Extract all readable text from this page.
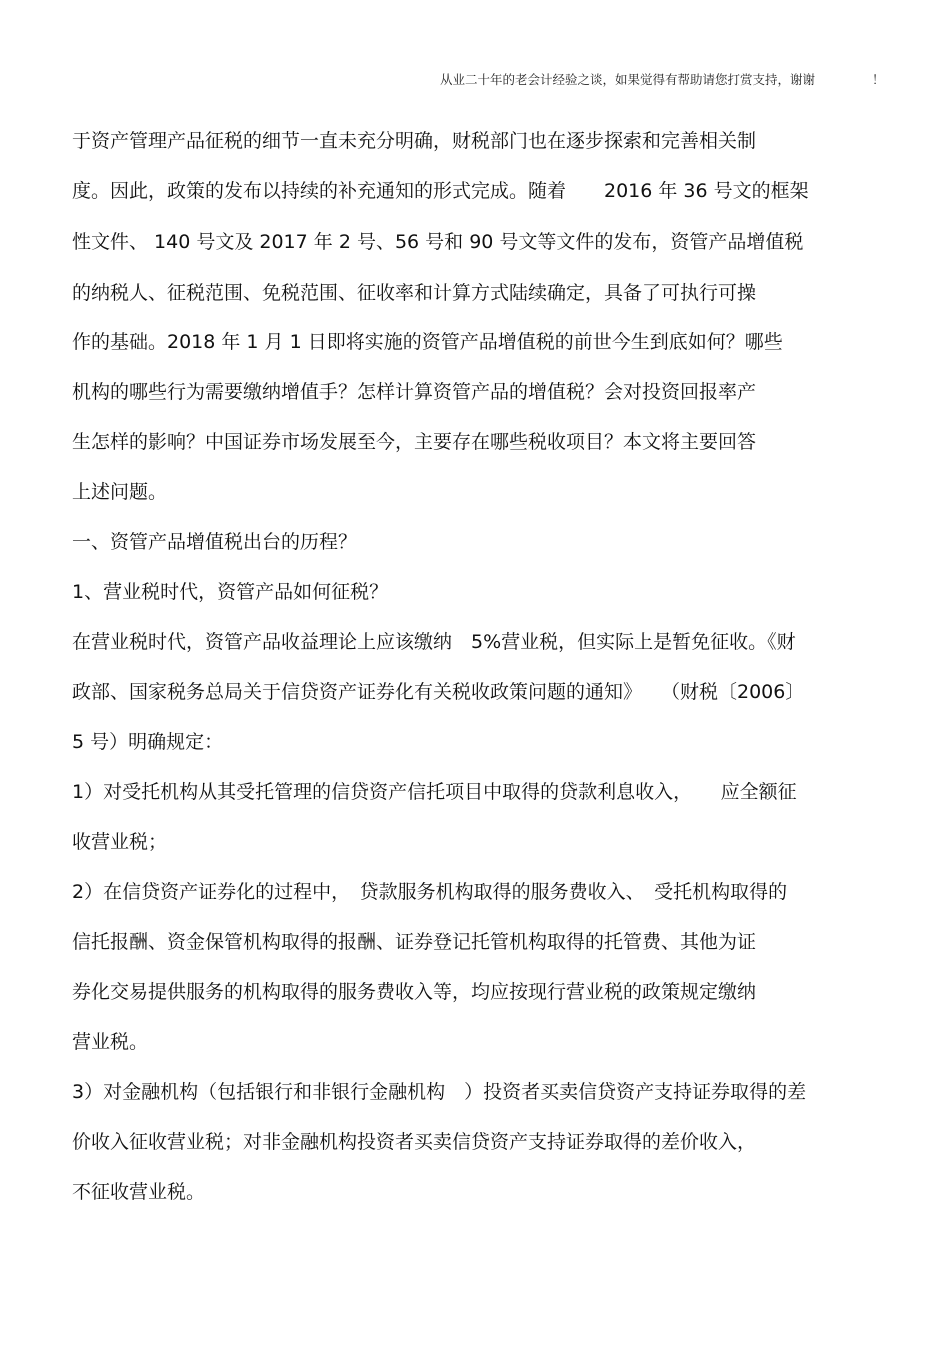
从业二十年的老会计经验之谈，如果觉得有帮助请您打赏支持，谢谢	！
于资产管理产品征税的细节一直未充分明确，财税部门也在逐步探索和完善相关制
度。因此，政策的发布以持续的补充通知的形式完成。随着　　2016 年 36 号文的框架
性文件、 140 号文及 2017 年 2 号、56 号和 90 号文等文件的发布，资管产品增值税
的纳税人、征税范围、免税范围、征收率和计算方式陆续确定，具备了可执行可操
作的基础。2018 年 1 月 1 日即将实施的资管产品增值税的前世今生到底如何？哪些
机构的哪些行为需要缴纳增值手？怎样计算资管产品的增值税？会对投资回报率产
生怎样的影响？中国证券市场发展至今，主要存在哪些税收项目？本文将主要回答
上述问题。
一、资管产品增值税出台的历程？
1、营业税时代，资管产品如何征税？
在营业税时代，资管产品收益理论上应该缴纳　5%营业税，但实际上是暂免征收。《财
政部、国家税务总局关于信贷资产证券化有关税收政策问题的通知》　　（财税〔2006〕
5 号）明确规定：
1）对受托机构从其受托管理的信贷资产信托项目中取得的贷款利息收入，　　应全额征
收营业税；
2）在信贷资产证券化的过程中，　贷款服务机构取得的服务费收入、　受托机构取得的
信托报酬、资金保管机构取得的报酬、证券登记托管机构取得的托管费、其他为证
券化交易提供服务的机构取得的服务费收入等，均应按现行营业税的政策规定缴纳
营业税。
3）对金融机构（包括银行和非银行金融机构　）投资者买卖信贷资产支持证券取得的差
价收入征收营业税；对非金融机构投资者买卖信贷资产支持证券取得的差价收入，
不征收营业税。
